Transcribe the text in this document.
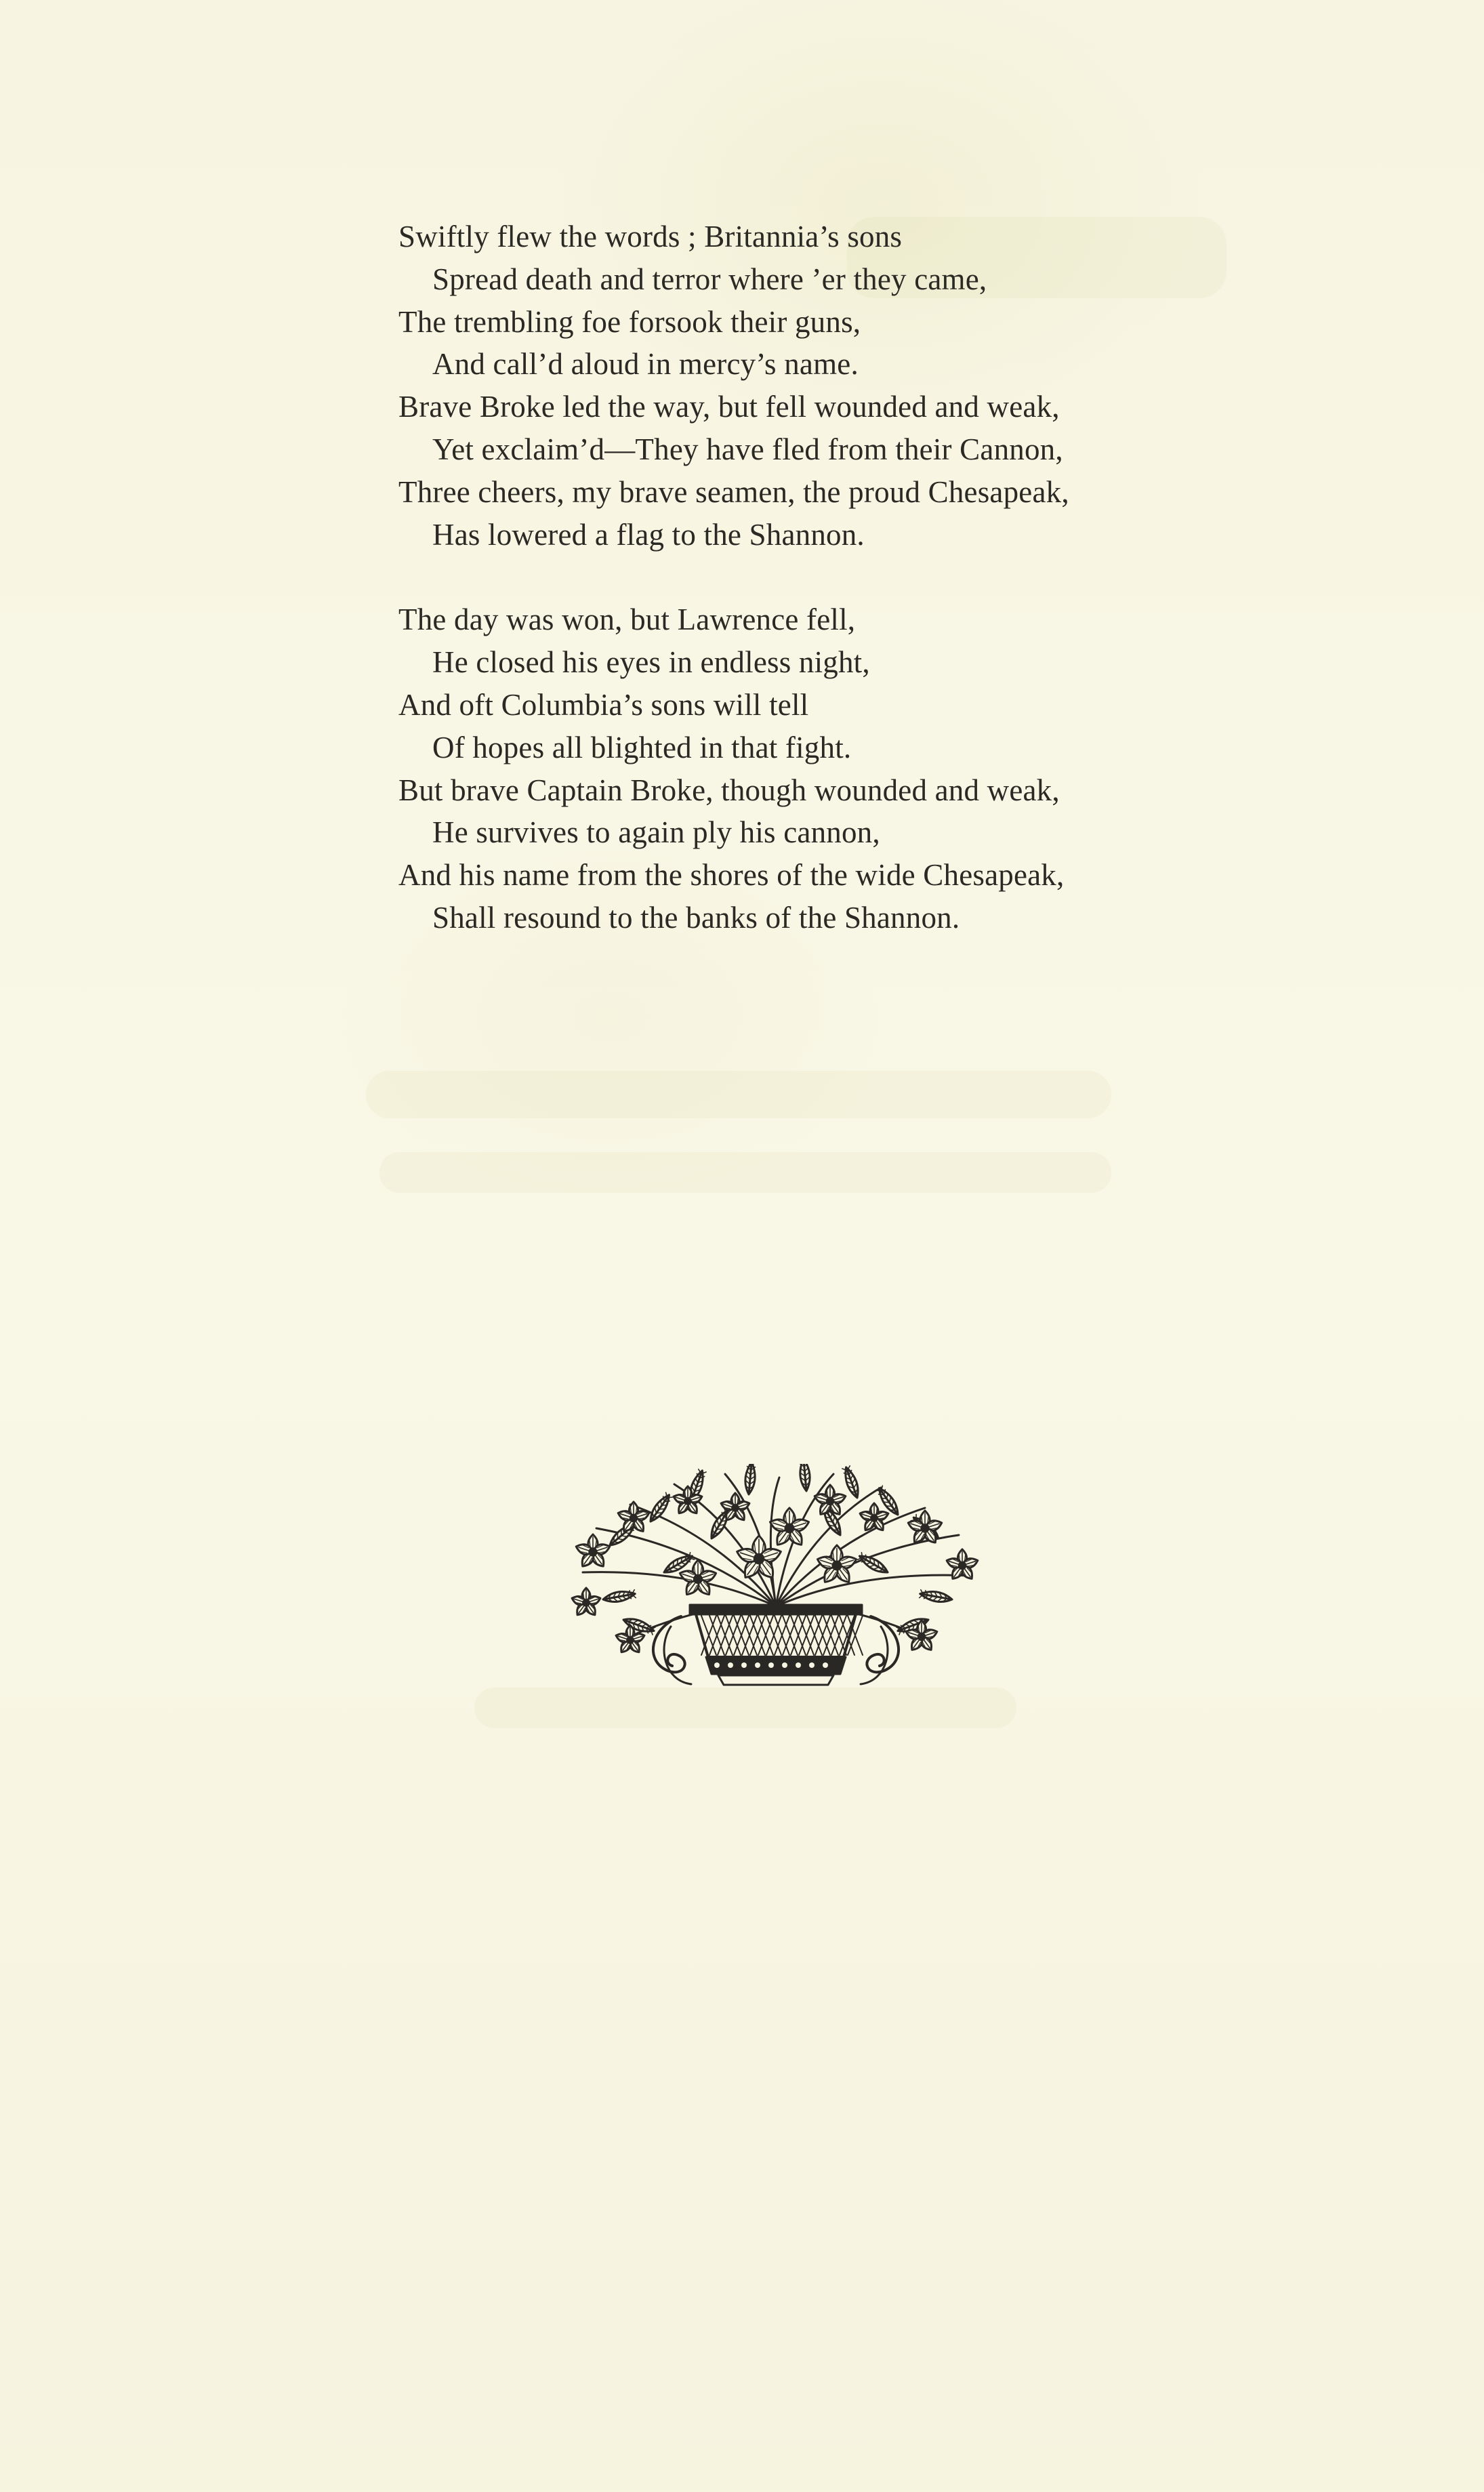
Swiftly flew the words ; Britannia’s sons
Spread death and terror where ’er they came,
The trembling foe forsook their guns,
And call’d aloud in mercy’s name.
Brave Broke led the way, but fell wounded and weak,
Yet exclaim’d—They have fled from their Cannon,
Three cheers, my brave seamen, the proud Chesapeak,
Has lowered a flag to the Shannon.
The day was won, but Lawrence fell,
He closed his eyes in endless night,
And oft Columbia’s sons will tell
Of hopes all blighted in that fight.
But brave Captain Broke, though wounded and weak,
He survives to again ply his cannon,
And his name from the shores of the wide Chesapeak,
Shall resound to the banks of the Shannon.
